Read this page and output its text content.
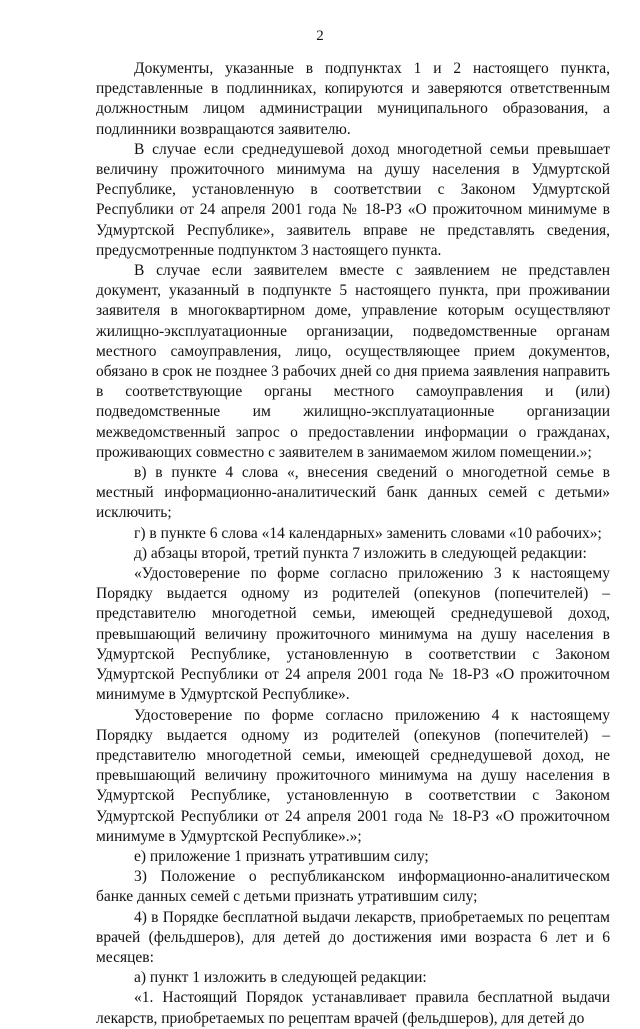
2

Документы, указанные в подпунктах 1 и 2 настоящего пункта, представленные в подлинниках, копируются и заверяются ответственным должностным лицом администрации муниципального образования, а подлинники возвращаются заявителю.

В случае если среднедушевой доход многодетной семьи превышает величину прожиточного минимума на душу населения в Удмуртской Республике, установленную в соответствии с Законом Удмуртской Республики от 24 апреля 2001 года № 18-РЗ «О прожиточном минимуме в Удмуртской Республике», заявитель вправе не представлять сведения, предусмотренные подпунктом 3 настоящего пункта.

В случае если заявителем вместе с заявлением не представлен документ, указанный в подпункте 5 настоящего пункта, при проживании заявителя в многоквартирном доме, управление которым осуществляют жилищно-эксплуатационные организации, подведомственные органам местного самоуправления, лицо, осуществляющее прием документов, обязано в срок не позднее 3 рабочих дней со дня приема заявления направить в соответствующие органы местного самоуправления и (или) подведомственные им жилищно-эксплуатационные организации межведомственный запрос о предоставлении информации о гражданах, проживающих совместно с заявителем в занимаемом жилом помещении.»;

в) в пункте 4 слова «, внесения сведений о многодетной семье в местный информационно-аналитический банк данных семей с детьми» исключить;

г) в пункте 6 слова «14 календарных» заменить словами «10 рабочих»;

д) абзацы второй, третий пункта 7 изложить в следующей редакции:

«Удостоверение по форме согласно приложению 3 к настоящему Порядку выдается одному из родителей (опекунов (попечителей) – представителю многодетной семьи, имеющей среднедушевой доход, превышающий величину прожиточного минимума на душу населения в Удмуртской Республике, установленную в соответствии с Законом Удмуртской Республики от 24 апреля 2001 года № 18-РЗ «О прожиточном минимуме в Удмуртской Республике».

Удостоверение по форме согласно приложению 4 к настоящему Порядку выдается одному из родителей (опекунов (попечителей) – представителю многодетной семьи, имеющей среднедушевой доход, не превышающий величину прожиточного минимума на душу населения в Удмуртской Республике, установленную в соответствии с Законом Удмуртской Республики от 24 апреля 2001 года № 18-РЗ «О прожиточном минимуме в Удмуртской Республике».»;

е) приложение 1 признать утратившим силу;

3) Положение о республиканском информационно-аналитическом банке данных семей с детьми признать утратившим силу;

4) в Порядке бесплатной выдачи лекарств, приобретаемых по рецептам врачей (фельдшеров), для детей до достижения ими возраста 6 лет и 6 месяцев:

а) пункт 1 изложить в следующей редакции:

«1. Настоящий Порядок устанавливает правила бесплатной выдачи лекарств, приобретаемых по рецептам врачей (фельдшеров), для детей до
